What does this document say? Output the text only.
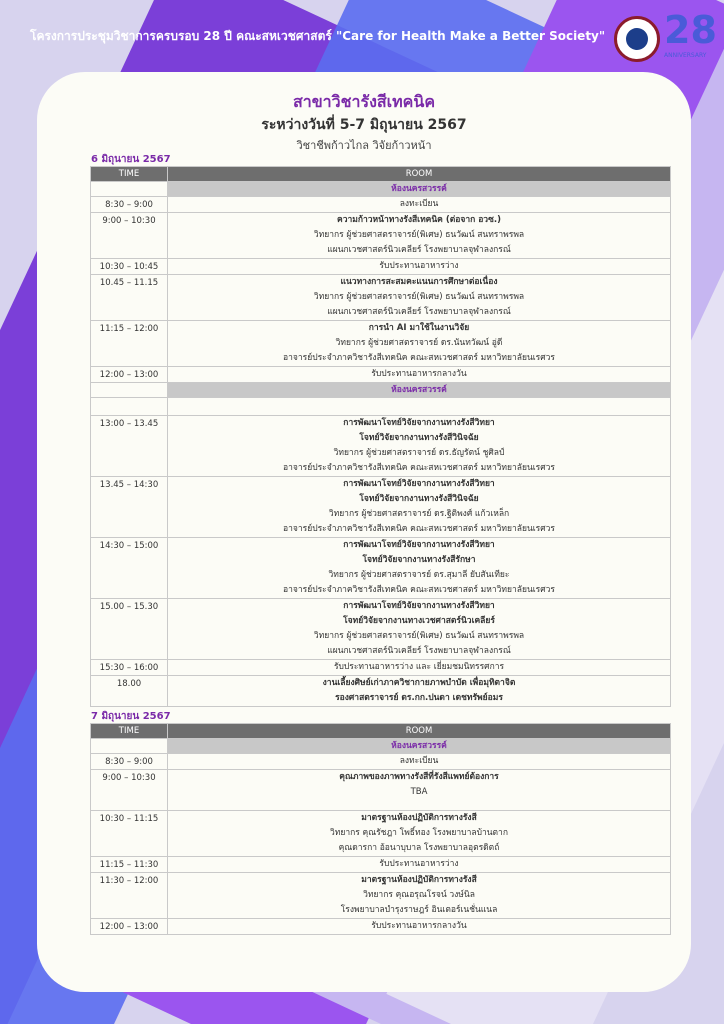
โครงการประชุมวิชาการครบรอบ 28 ปี คณะสหเวชศาสตร์ "Care for Health Make a Better Society" 28
ANNIVERSARY
สาขาวิชารังสีเทคนิค
ระหว่างวันที่ 5-7 มิถุนายน 2567
วิชาชีพก้าวไกล วิจัยก้าวหน้า
6 มิถุนายน 2567
TIME	ROOM
	ห้องนครสวรรค์
8:30 – 9:00	ลงทะเบียน

9:00 – 10:30	ความก้าวหน้าทางรังสีเทคนิค (ต่อจาก อวซ.)
วิทยากร ผู้ช่วยศาสตราจารย์(พิเศษ) ธนวัฒน์ สนทราพรพล
แผนกเวชศาสตร์นิวเคลียร์ โรงพยาบาลจุฬาลงกรณ์

10:30 – 10:45	รับประทานอาหารว่าง

10.45 – 11.15	แนวทางการสะสมคะแนนการศึกษาต่อเนื่อง
วิทยากร ผู้ช่วยศาสตราจารย์(พิเศษ) ธนวัฒน์ สนทราพรพล
แผนกเวชศาสตร์นิวเคลียร์ โรงพยาบาลจุฬาลงกรณ์

11:15 – 12:00	การนำ AI มาใช้ในงานวิจัย
วิทยากร ผู้ช่วยศาสตราจารย์ ดร.นันทวัฒน์ อู่ดี
อาจารย์ประจำภาควิชารังสีเทคนิค คณะสหเวชศาสตร์ มหาวิทยาลัยนเรศวร

12:00 – 13:00	รับประทานอาหารกลางวัน

	ห้องนครสวรรค์

13:00 – 13.45	การพัฒนาโจทย์วิจัยจากงานทางรังสีวิทยา
โจทย์วิจัยจากงานทางรังสีวินิจฉัย
วิทยากร ผู้ช่วยศาสตราจารย์ ดร.ธัญรัตน์ ชูศิลป์
อาจารย์ประจำภาควิชารังสีเทคนิค คณะสหเวชศาสตร์ มหาวิทยาลัยนเรศวร

13.45 – 14:30	การพัฒนาโจทย์วิจัยจากงานทางรังสีวิทยา
โจทย์วิจัยจากงานทางรังสีวินิจฉัย
วิทยากร ผู้ช่วยศาสตราจารย์ ดร.ฐิติพงศ์ แก้วเหล็ก
อาจารย์ประจำภาควิชารังสีเทคนิค คณะสหเวชศาสตร์ มหาวิทยาลัยนเรศวร

14:30 – 15:00	การพัฒนาโจทย์วิจัยจากงานทางรังสีวิทยา
โจทย์วิจัยจากงานทางรังสีรักษา
วิทยากร ผู้ช่วยศาสตราจารย์ ดร.สุมาลี ยับสันเทียะ
อาจารย์ประจำภาควิชารังสีเทคนิค คณะสหเวชศาสตร์ มหาวิทยาลัยนเรศวร

15.00 – 15.30	การพัฒนาโจทย์วิจัยจากงานทางรังสีวิทยา
โจทย์วิจัยจากงานทางเวชศาสตร์นิวเคลียร์
วิทยากร ผู้ช่วยศาสตราจารย์(พิเศษ) ธนวัฒน์ สนทราพรพล
แผนกเวชศาสตร์นิวเคลียร์ โรงพยาบาลจุฬาลงกรณ์

15:30 – 16:00	รับประทานอาหารว่าง และ เยี่ยมชมนิทรรศการ

18.00	งานเลี้ยงศิษย์เก่าภาควิชากายภาพบำบัด เพื่อมุทิตาจิต
รองศาสตราจารย์ ดร.กก.ปนดา เดชทรัพย์อมร
7 มิถุนายน 2567
TIME	ROOM
	ห้องนครสวรรค์
8:30 – 9:00	ลงทะเบียน

9:00 – 10:30	คุณภาพของภาพทางรังสีที่รังสีแพทย์ต้องการ
TBA

10:30 – 11:15	มาตรฐานห้องปฏิบัติการทางรังสี
วิทยากร คุณรัชฎา โพธิ์ทอง โรงพยาบาลบ้านตาก
คุณดารกา อ้อนาบุบาล โรงพยาบาลอุตรดิตถ์

11:15 – 11:30	รับประทานอาหารว่าง

11:30 – 12:00	มาตรฐานห้องปฏิบัติการทางรังสี
วิทยากร คุณอรุณโรจน์ วงษ์นิล
โรงพยาบาลบำรุงราษฎร์ อินเตอร์เนชั่นแนล

12:00 – 13:00	รับประทานอาหารกลางวัน
